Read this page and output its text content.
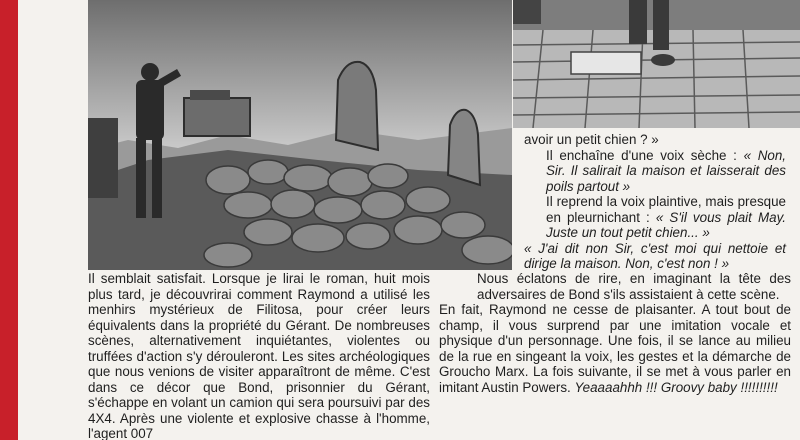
avoir un petit chien ? »

Il enchaîne d'une voix sèche : « Non, Sir. Il salirait la maison et laisserait des poils partout »

Il reprend la voix plaintive, mais presque en pleurnichant : « S'il vous plait May. Juste un tout petit chien... »

« J'ai dit non Sir, c'est moi qui nettoie et dirige la maison. Non, c'est non ! »

Il semblait satisfait. Lorsque je lirai le roman, huit mois plus tard, je découvrirai comment Raymond a utilisé les menhirs mystérieux de Filitosa, pour créer leurs équivalents dans la propriété du Gérant. De nombreuses scènes, alternativement inquiétantes, violentes ou truffées d'action s'y dérouleront. Les sites archéologiques que nous venions de visiter apparaîtront de même. C'est dans ce décor que Bond, prisonnier du Gérant, s'échappe en volant un camion qui sera poursuivi par des 4X4. Après une violente et explosive chasse à l'homme, l'agent 007

Nous éclatons de rire, en imaginant la tête des adversaires de Bond s'ils assistaient à cette scène.

En fait, Raymond ne cesse de plaisanter. A tout bout de champ, il vous surprend par une imitation vocale et physique d'un personnage. Une fois, il se lance au milieu de la rue en singeant la voix, les gestes et la démarche de Groucho Marx. La fois suivante, il se met à vous parler en imitant Austin Powers. Yeaaaahhh !!! Groovy baby !!!!!!!!!!
